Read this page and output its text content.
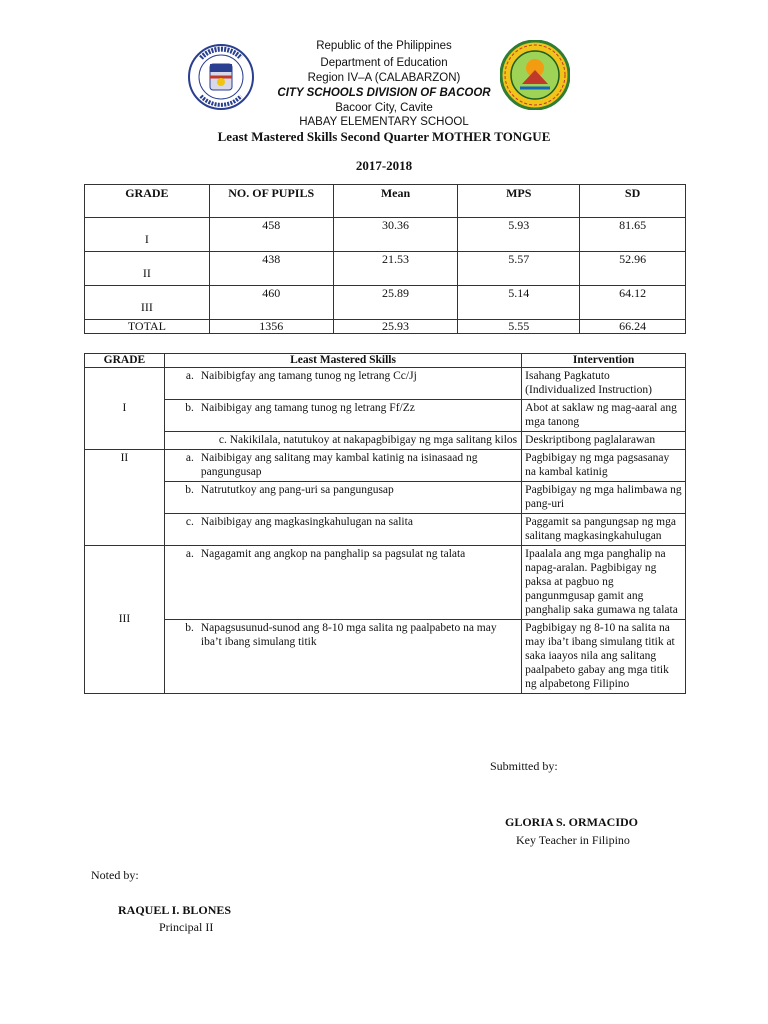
Republic of the Philippines
Department of Education
Region IV–A (CALABARZON)
CITY SCHOOLS DIVISION OF BACOOR
Bacoor City, Cavite
HABAY ELEMENTARY SCHOOL
Least Mastered Skills Second Quarter MOTHER TONGUE
2017-2018
GRADE	NO. OF PUPILS	Mean	MPS	SD
I	458	30.36	5.93	81.65
II	438	21.53	5.57	52.96
III	460	25.89	5.14	64.12
TOTAL	1356	25.93	5.55	66.24
GRADE	Least Mastered Skills	Intervention
I	a. Naibibigfay ang tamang tunog ng letrang Cc/Jj	Isahang Pagkatuto (Individualized Instruction)

	b. Naibibigay ang tamang tunog ng letrang Ff/Zz	Abot at saklaw ng mag-aaral ang mga tanong

	c. Nakikilala, natutukoy at nakapagbibigay ng mga salitang kilos	Deskriptibong paglalarawan
II	a. Naibibigay ang salitang may kambal katinig na isinasaad ng pangungusap	Pagbibigay ng mga pagsasanay na kambal katinig

	b. Natrututkoy ang pang-uri sa pangungusap	Pagbibigay ng mga halimbawa ng pang-uri

	c. Naibibigay ang magkasingkahulugan na salita	Paggamit sa pangungsap ng mga salitang magkasingkahulugan
III	a. Nagagamit ang angkop na panghalip sa pagsulat ng talata	Ipaalala ang mga panghalip na napag-aralan. Pagbibigay ng paksa at pagbuo ng pangunmgusap gamit ang panghalip saka gumawa ng talata

	b. Napagsusunud-sunod ang 8-10 mga salita ng paalpabeto na may iba’t ibang simulang titik	Pagbibigay ng 8-10 na salita na may iba’t ibang simulang titik at saka iaayos nila ang salitang paalpabeto gabay ang mga titik ng alpabetong Filipino
Submitted by:
GLORIA S. ORMACIDO
Key Teacher in Filipino
Noted by:
RAQUEL I. BLONES
Principal II
